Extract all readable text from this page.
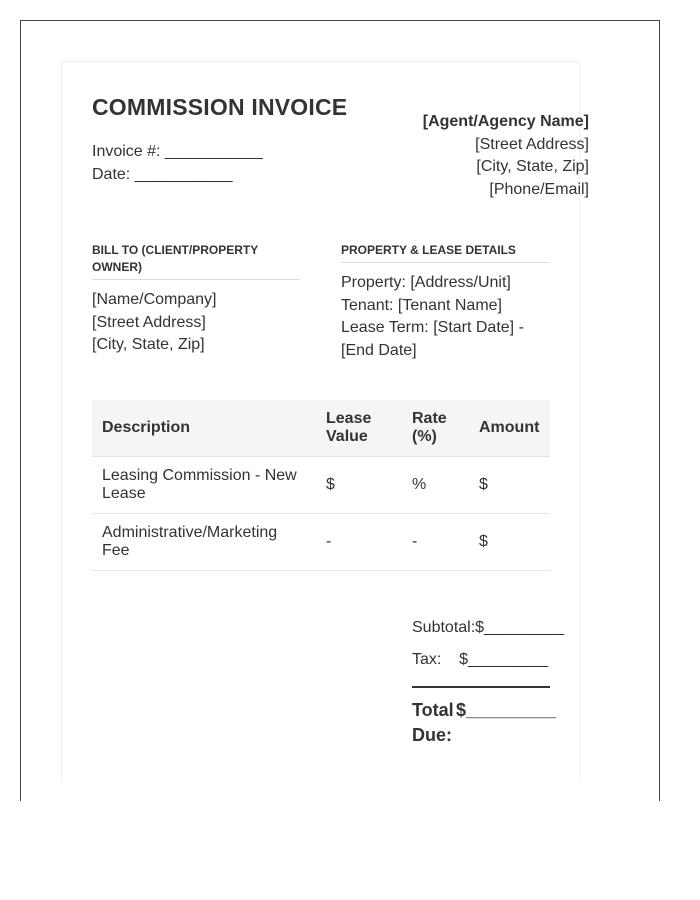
COMMISSION INVOICE
Invoice #: ___________
Date: ___________
[Agent/Agency Name]
[Street Address]
[City, State, Zip]
[Phone/Email]
BILL TO (CLIENT/PROPERTY OWNER)
[Name/Company]
[Street Address]
[City, State, Zip]
PROPERTY & LEASE DETAILS
Property: [Address/Unit]
Tenant: [Tenant Name]
Lease Term: [Start Date] - [End Date]
Description	Lease Value	Rate (%)	Amount
Leasing Commission - New Lease	$	%	$
Administrative/Marketing Fee	-	-	$
Subtotal:$_________
Tax:    $_________
Total Due:
$_________
